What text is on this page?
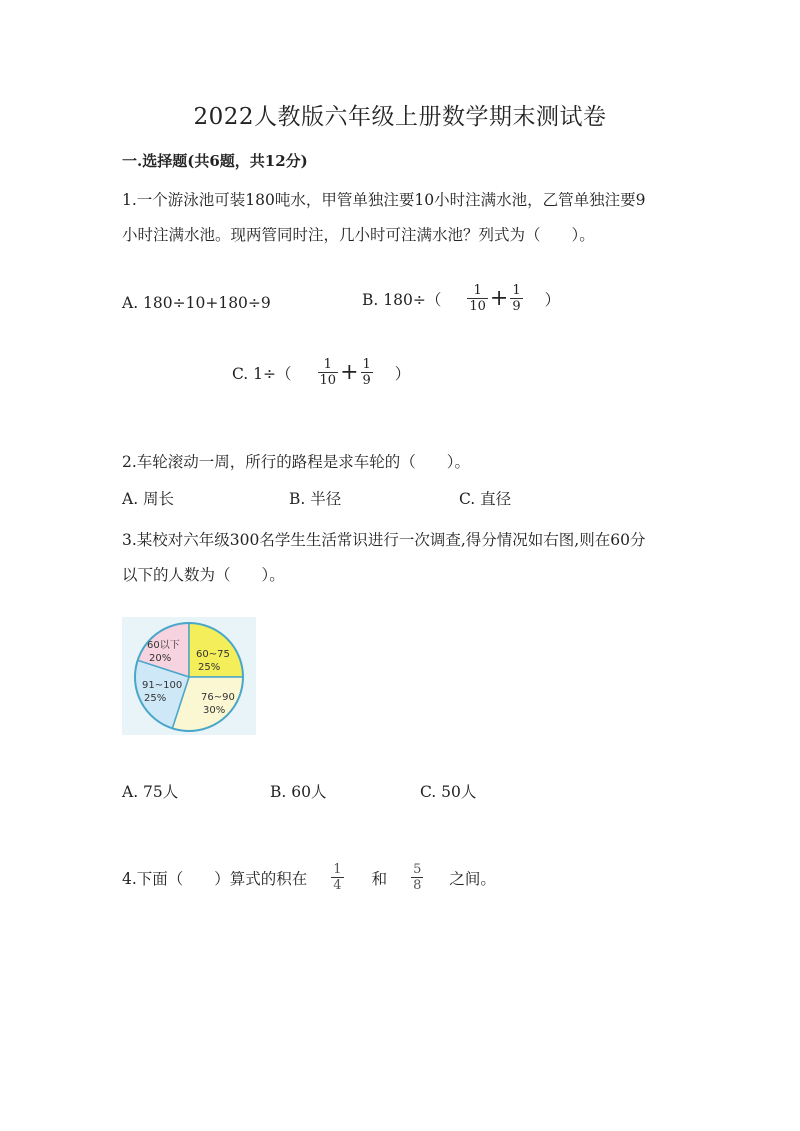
2022人教版六年级上册数学期末测试卷
一.选择题(共6题，共12分)
1.一个游泳池可装180吨水，甲管单独注要10小时注满水池，乙管单独注要9
小时注满水池。现两管同时注，几小时可注满水池？列式为（　　）。
A. 180÷10+180÷9	B. $180\div( \frac{1}{10} + \frac{1}{9}$ ）
C. $1\div( \frac{1}{10} + \frac{1}{9}$ ）
2.车轮滚动一周，所行的路程是求车轮的（　　）。
A. 周长	B. 半径	C. 直径
3.某校对六年级300名学生生活常识进行一次调查,得分情况如右图,则在60分
以下的人数为（　　）。
60以下
20% 60~75
25%
76~90
30%
91~100
25%
A. 75人	B. 60人	C. 50人
4.下面（　　）算式的积在 $\frac{1}{4}$ 和 $\frac{5}{8}$ 之间。
